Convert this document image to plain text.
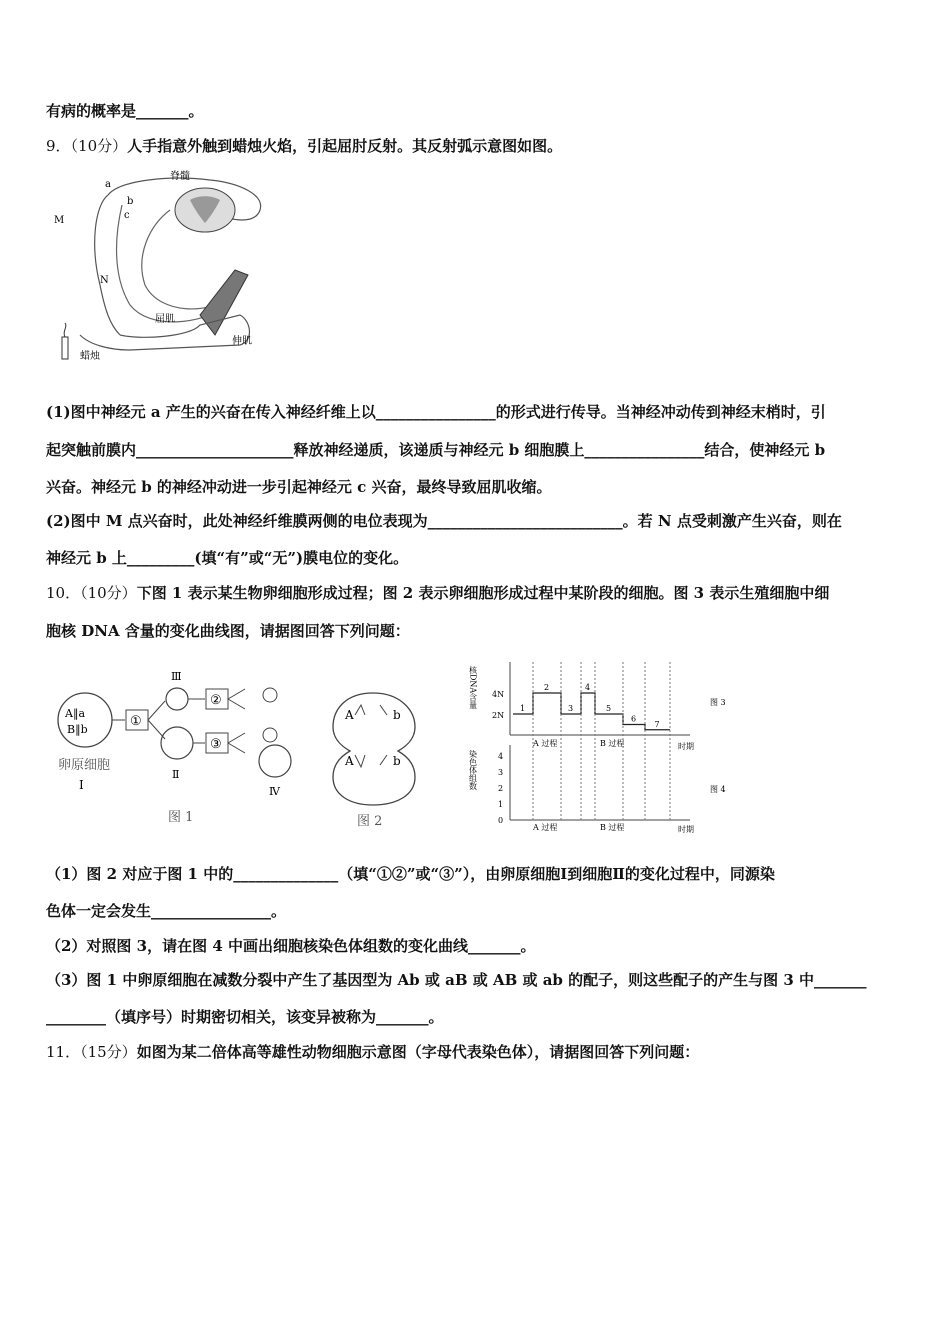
有病的概率是_______。
9．（10分）人手指意外触到蜡烛火焰，引起屈肘反射。其反射弧示意图如图。
脊髓
a
b
c
M
N
屈肌
伸肌
蜡烛
(1)图中神经元 a 产生的兴奋在传入神经纤维上以________________的形式进行传导。当神经冲动传到神经末梢时，引
起突触前膜内_____________________释放神经递质，该递质与神经元 b 细胞膜上________________结合，使神经元 b
兴奋。神经元 b 的神经冲动进一步引起神经元 c 兴奋，最终导致屈肌收缩。
(2)图中 M 点兴奋时，此处神经纤维膜两侧的电位表现为__________________________。若 N 点受刺激产生兴奋，则在
神经元 b 上_________(填“有”或“无”)膜电位的变化。
10．（10分）下图 1 表示某生物卵细胞形成过程；图 2 表示卵细胞形成过程中某阶段的细胞。图 3 表示生殖细胞中细
胞核 DNA 含量的变化曲线图，请据图回答下列问题：
A‖a
B‖b
①
Ⅲ
②
Ⅱ
③
Ⅳ
卵原细胞
Ⅰ
图 1
A	b
A	b
图 2
2N
4N
核DNA含量	1
2
3
4
5
6
7
时期
A 过程	B 过程
图 3
0
1
2
3
4
染色体组数
时期
A 过程	B 过程
图 4
（1）图 2 对应于图 1 中的______________（填“①②”或“③”），由卵原细胞Ⅰ到细胞Ⅱ的变化过程中，同源染
色体一定会发生________________。
（2）对照图 3，请在图 4 中画出细胞核染色体组数的变化曲线_______。
（3）图 1 中卵原细胞在减数分裂中产生了基因型为 Ab 或 aB 或 AB 或 ab 的配子，则这些配子的产生与图 3 中_______
________（填序号）时期密切相关，该变异被称为_______。
11．（15分）如图为某二倍体高等雄性动物细胞示意图（字母代表染色体），请据图回答下列问题：
